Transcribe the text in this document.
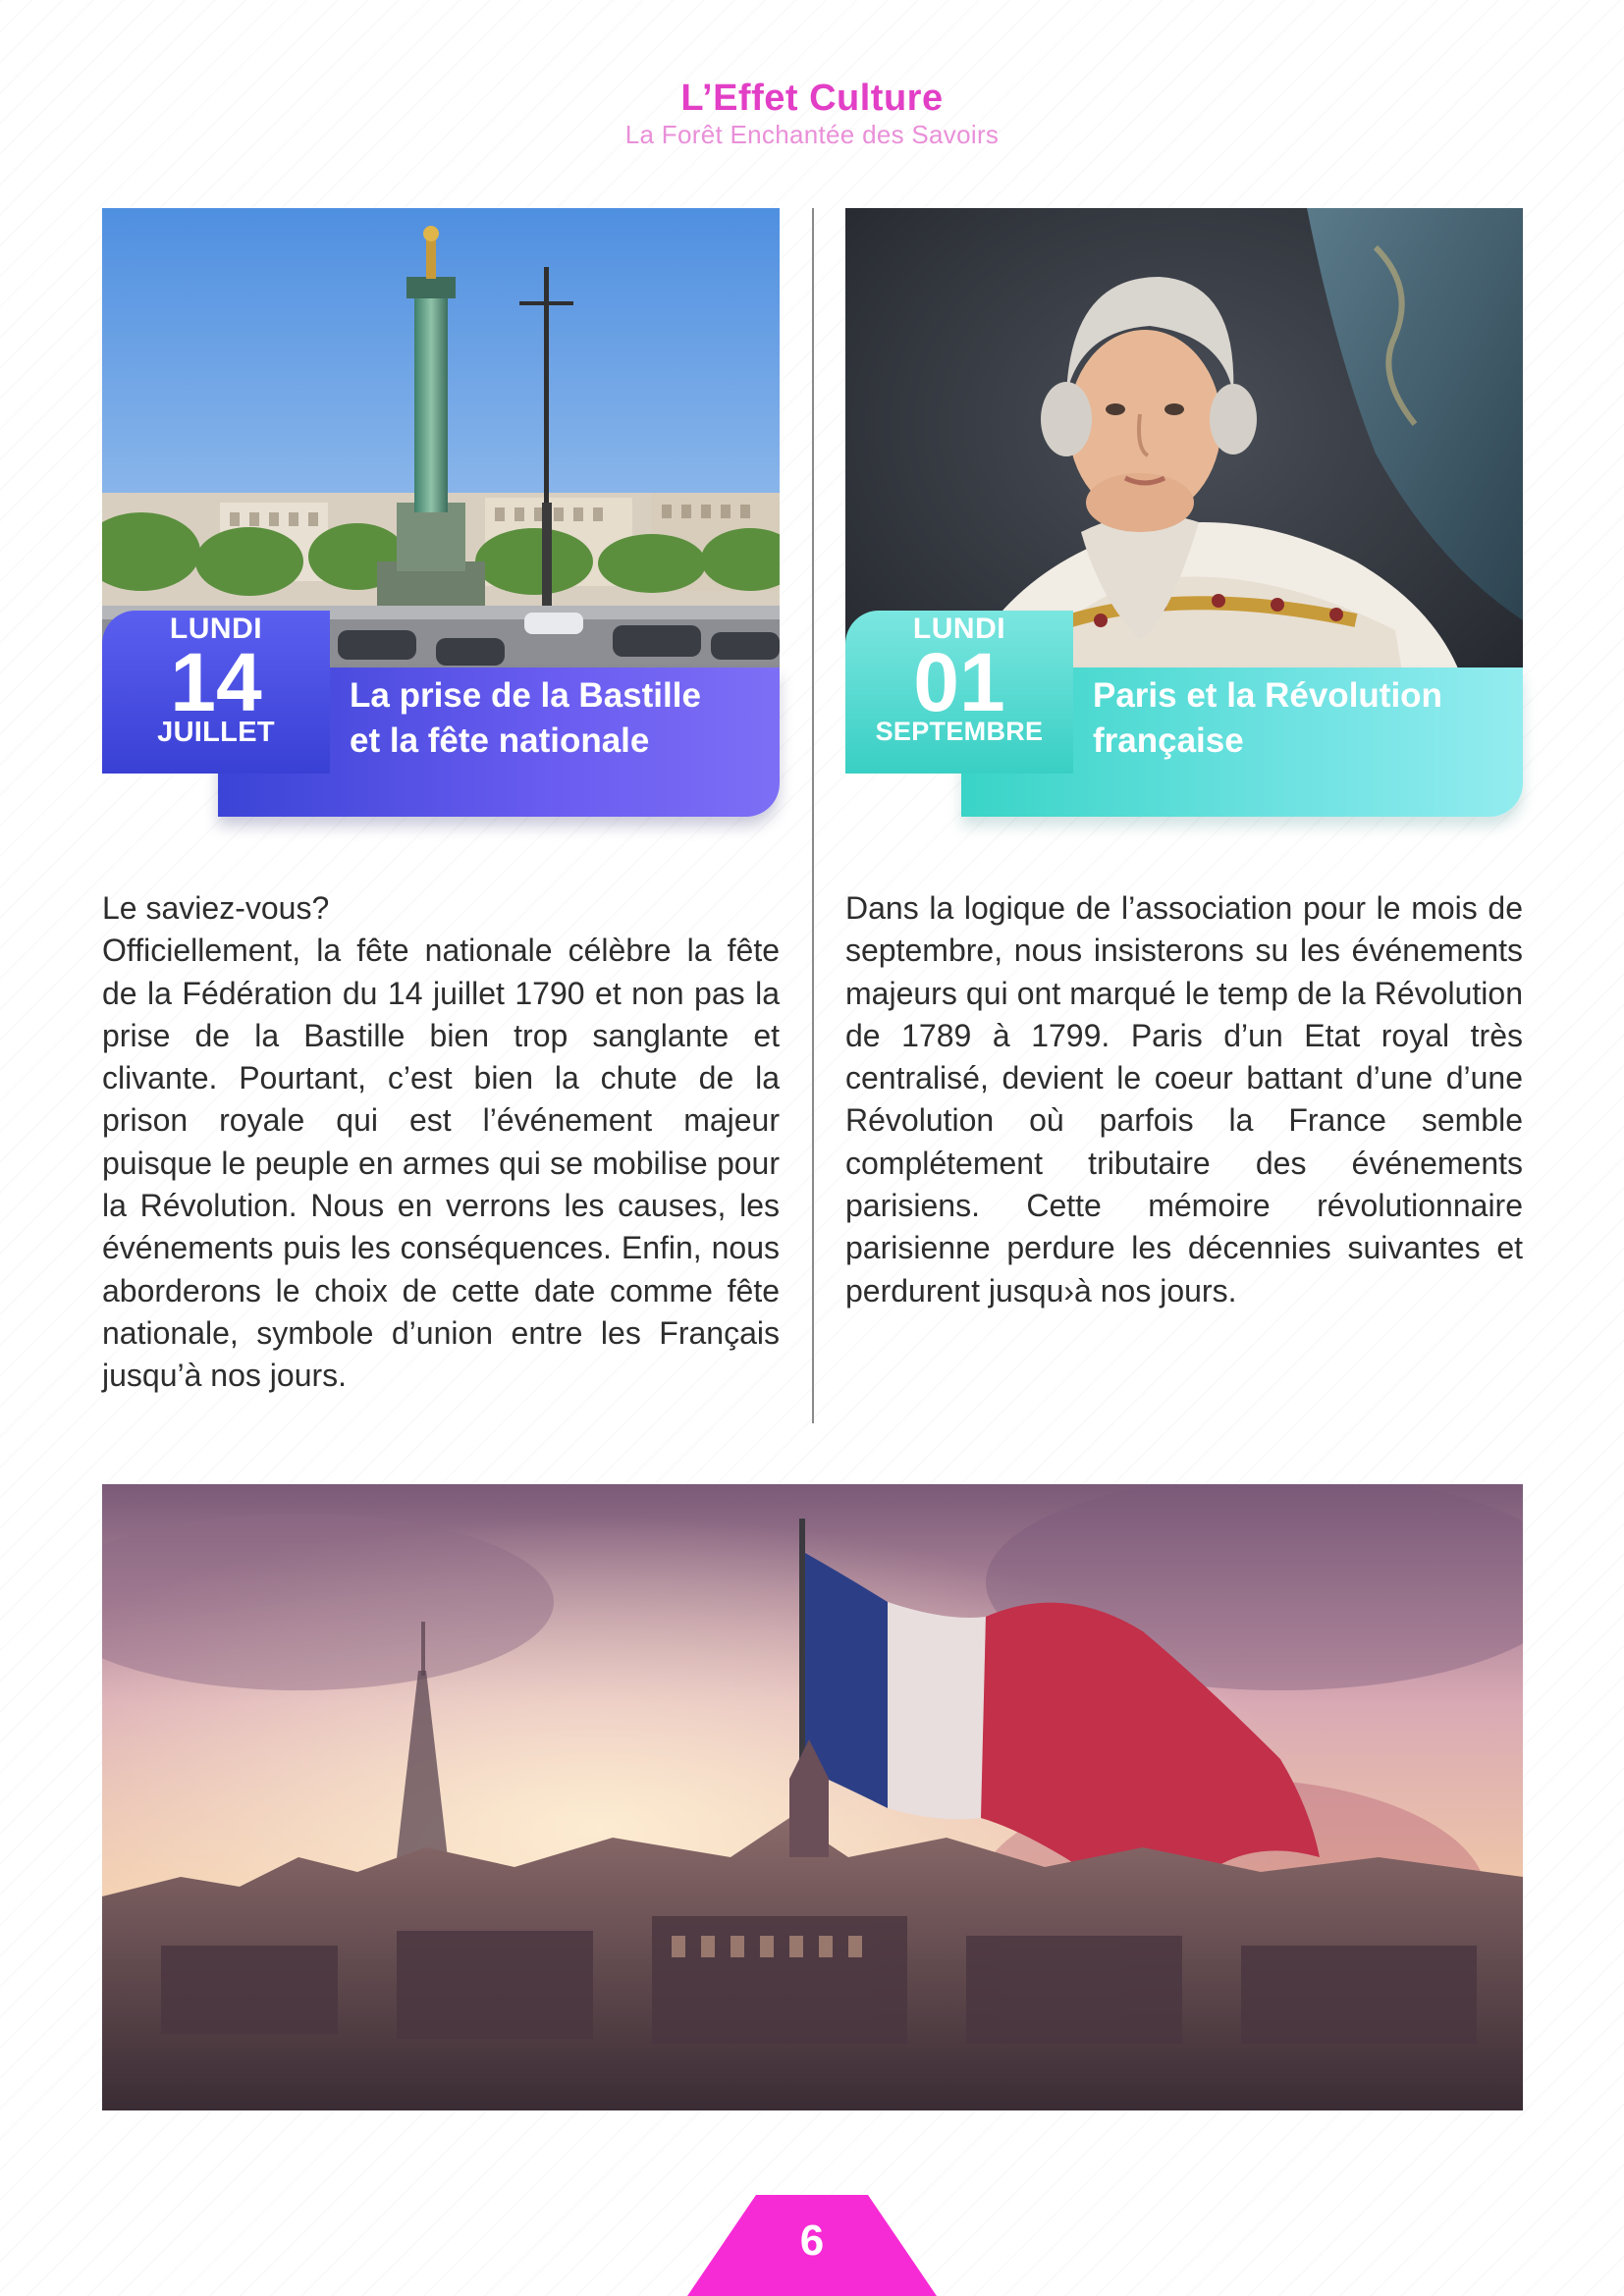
L’Effet Culture
La Forêt Enchantée des Savoirs
LUNDI
14
JUILLET
La prise de la Bastille
et la fête nationale
LUNDI
01
SEPTEMBRE
Paris et la Révolution
française

Le saviez-vous?

Officiellement, la fête nationale célèbre la fête de la Fédération du 14 juillet 1790 et non pas la prise de la Bastille bien trop sanglante et clivante. Pourtant, c’est bien la chute de la prison royale qui est l’événement majeur puisque le peuple en armes qui se mobilise pour la Révolution. Nous en verrons les causes, les événements puis les conséquences. Enfin, nous aborderons le choix de cette date comme fête nationale, symbole d’union entre les Français jusqu’à nos jours.

Dans la logique de l’association pour le mois de septembre, nous insisterons su les événements majeurs qui ont marqué le temp de la Révolution de 1789 à 1799. Paris d’un Etat royal très centralisé, devient le coeur battant d’une d’une Révolution où parfois la France semble complétement tributaire des événements parisiens. Cette mémoire révolutionnaire parisienne perdure les décennies suivantes et perdurent jusqu›à nos jours.

6
